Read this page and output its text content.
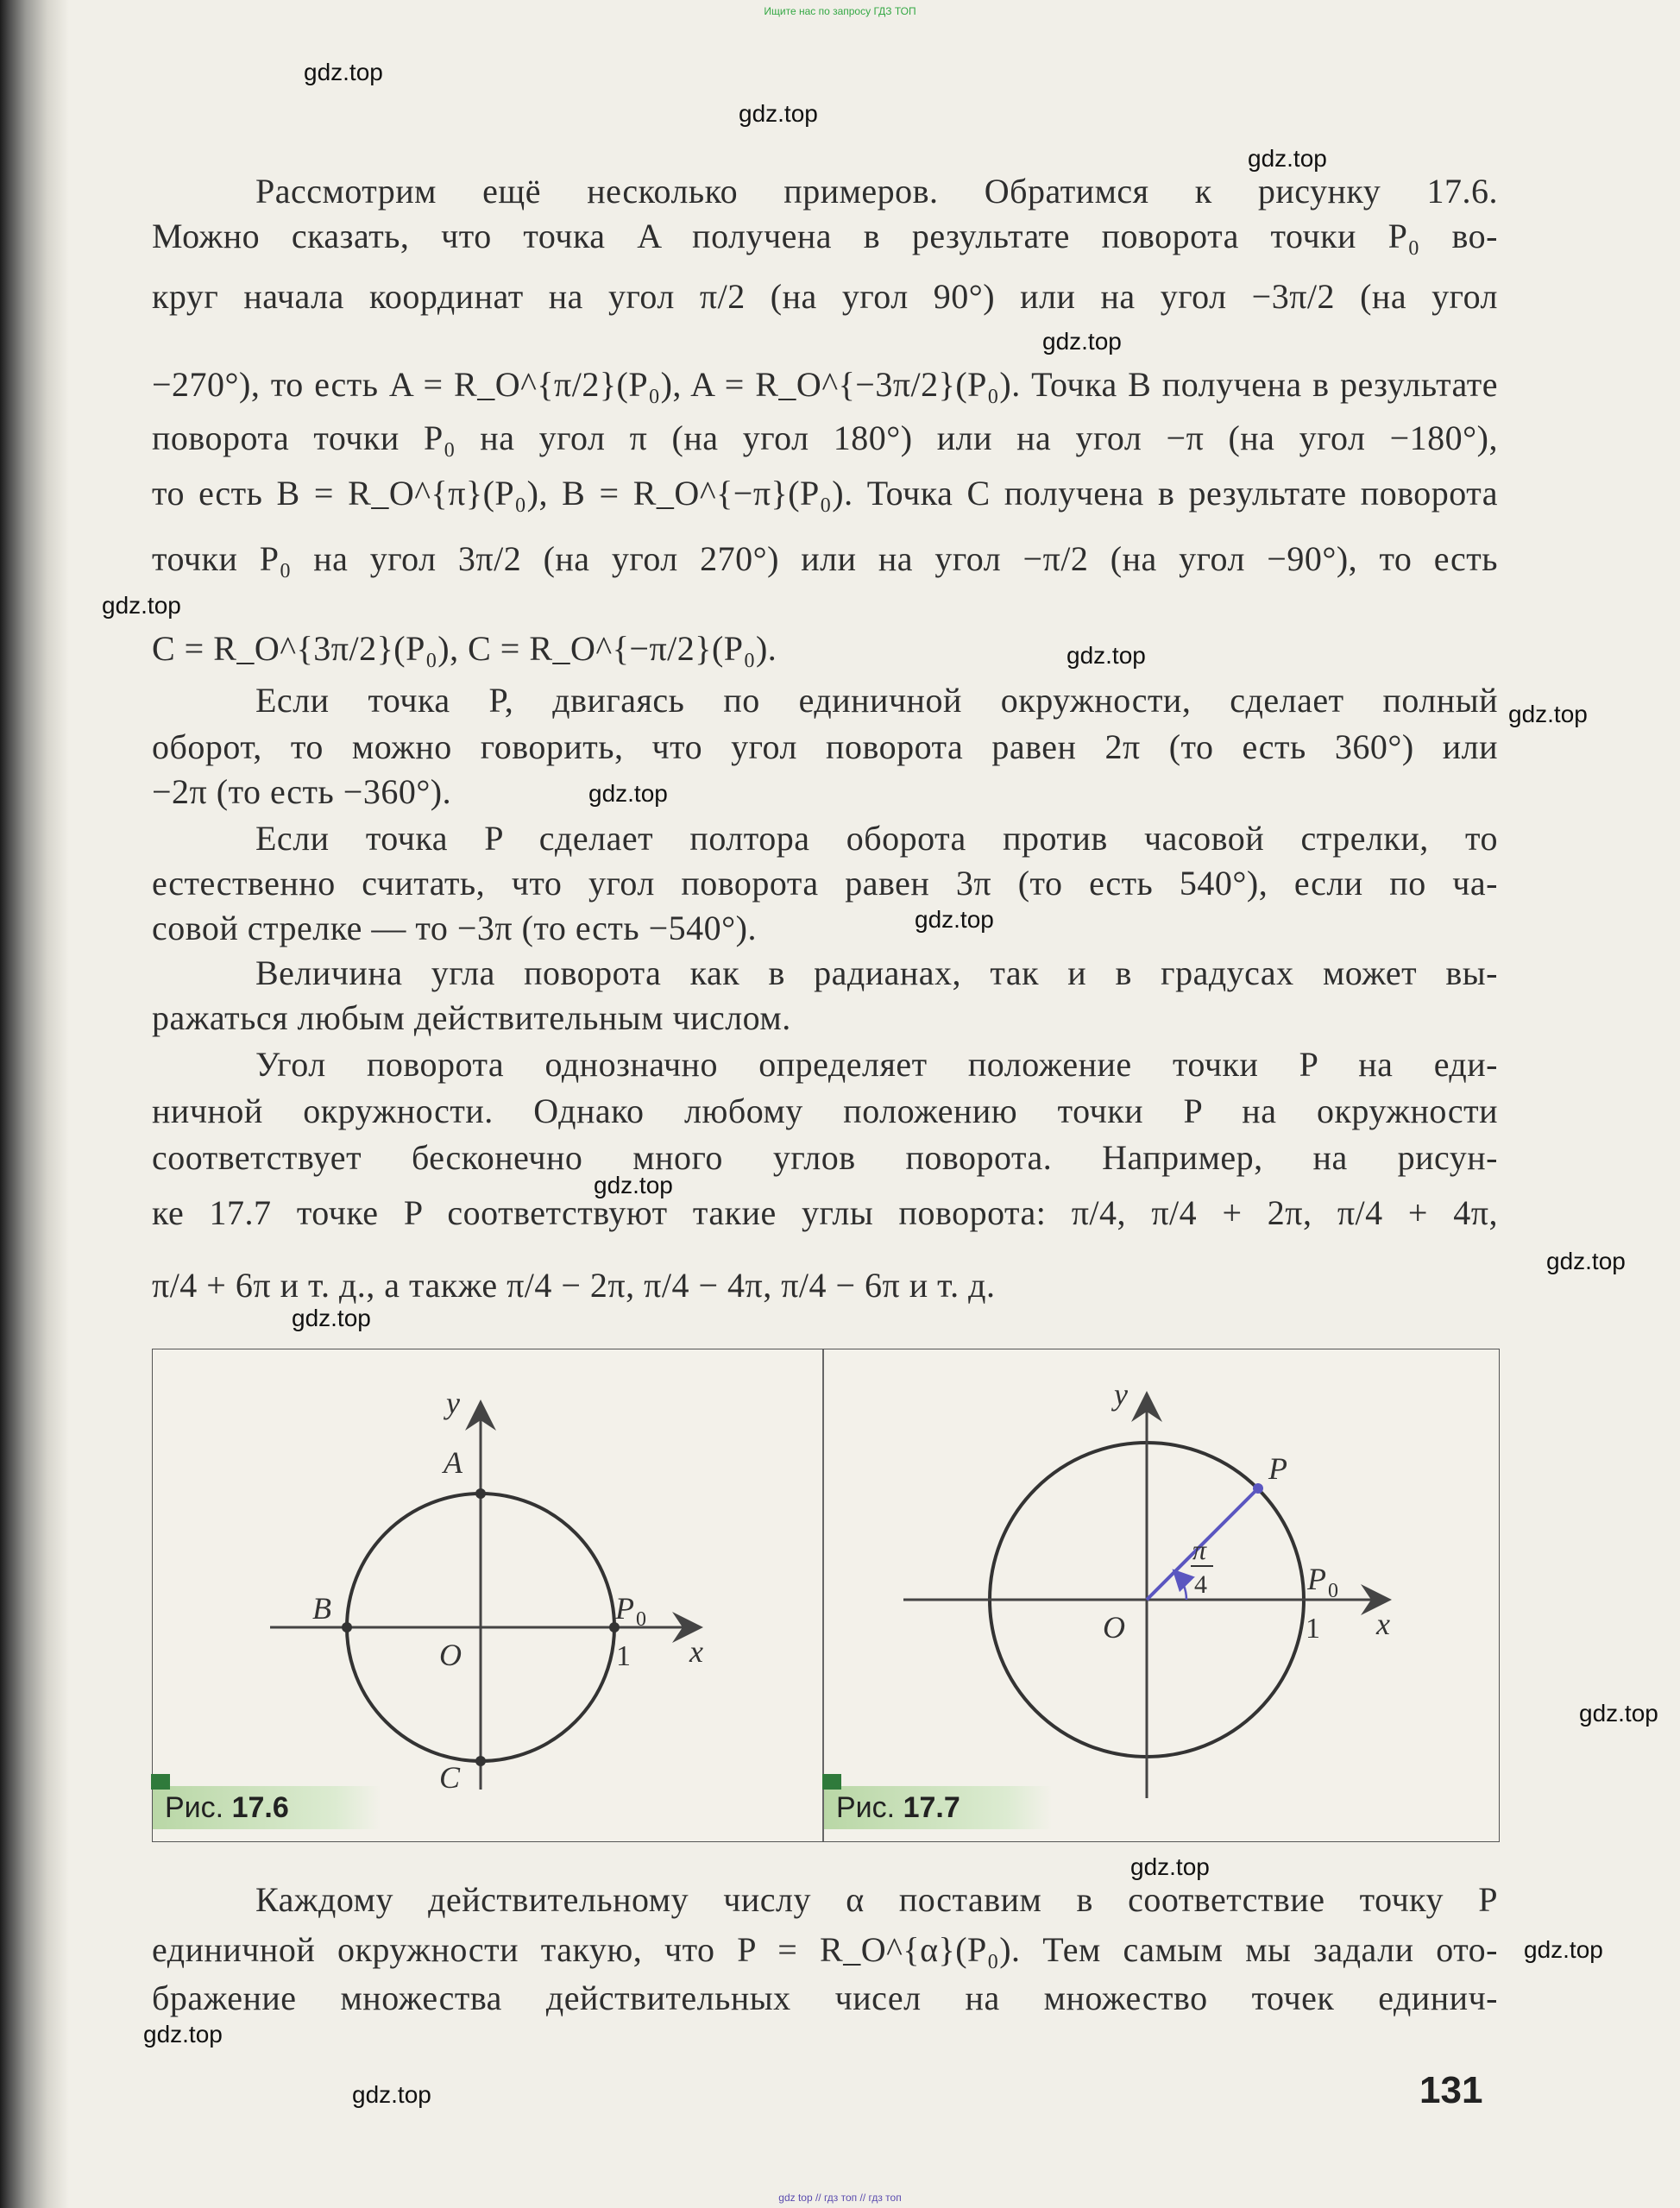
Ищите нас по запросу ГДЗ ТОП
gdz.top
gdz.top
gdz.top
gdz.top
gdz.top
gdz.top
gdz.top
gdz.top
gdz.top
gdz.top
gdz.top
gdz.top
gdz.top
gdz.top
gdz.top
gdz.top
gdz.top
Рассмотрим ещё несколько примеров. Обратимся к рисунку 17.6.
Можно сказать, что точка A получена в результате поворота точки P₀ во-
круг начала координат на угол π/2 (на угол 90°) или на угол −3π/2 (на угол
−270°), то есть A = R_O^{π/2}(P₀), A = R_O^{−3π/2}(P₀). Точка B получена в результате
поворота точки P₀ на угол π (на угол 180°) или на угол −π (на угол −180°),
то есть B = R_O^{π}(P₀), B = R_O^{−π}(P₀). Точка C получена в результате поворота
точки P₀ на угол 3π/2 (на угол 270°) или на угол −π/2 (на угол −90°), то есть
C = R_O^{3π/2}(P₀), C = R_O^{−π/2}(P₀).
Если точка P, двигаясь по единичной окружности, сделает полный
оборот, то можно говорить, что угол поворота равен 2π (то есть 360°) или
−2π (то есть −360°).
Если точка P сделает полтора оборота против часовой стрелки, то
естественно считать, что угол поворота равен 3π (то есть 540°), если по ча-
совой стрелке — то −3π (то есть −540°).
Величина угла поворота как в радианах, так и в градусах может вы-
ражаться любым действительным числом.
Угол поворота однозначно определяет положение точки P на еди-
ничной окружности. Однако любому положению точки P на окружности
соответствует бесконечно много углов поворота. Например, на рисун-
ке 17.7 точке P соответствуют такие углы поворота: π/4, π/4 + 2π, π/4 + 4π,
π/4 + 6π и т. д., а также π/4 − 2π, π/4 − 4π, π/4 − 6π и т. д.
y
x
O
A
B
C
P 0
1
y
x
O
P
P 0
1
π
4
Рис. 17.6	Рис. 17.7
Каждому действительному числу α поставим в соответствие точку P
единичной окружности такую, что P = R_O^{α}(P₀). Тем самым мы задали ото-
бражение множества действительных чисел на множество точек единич-
131
gdz top // гдз топ // гдз топ
